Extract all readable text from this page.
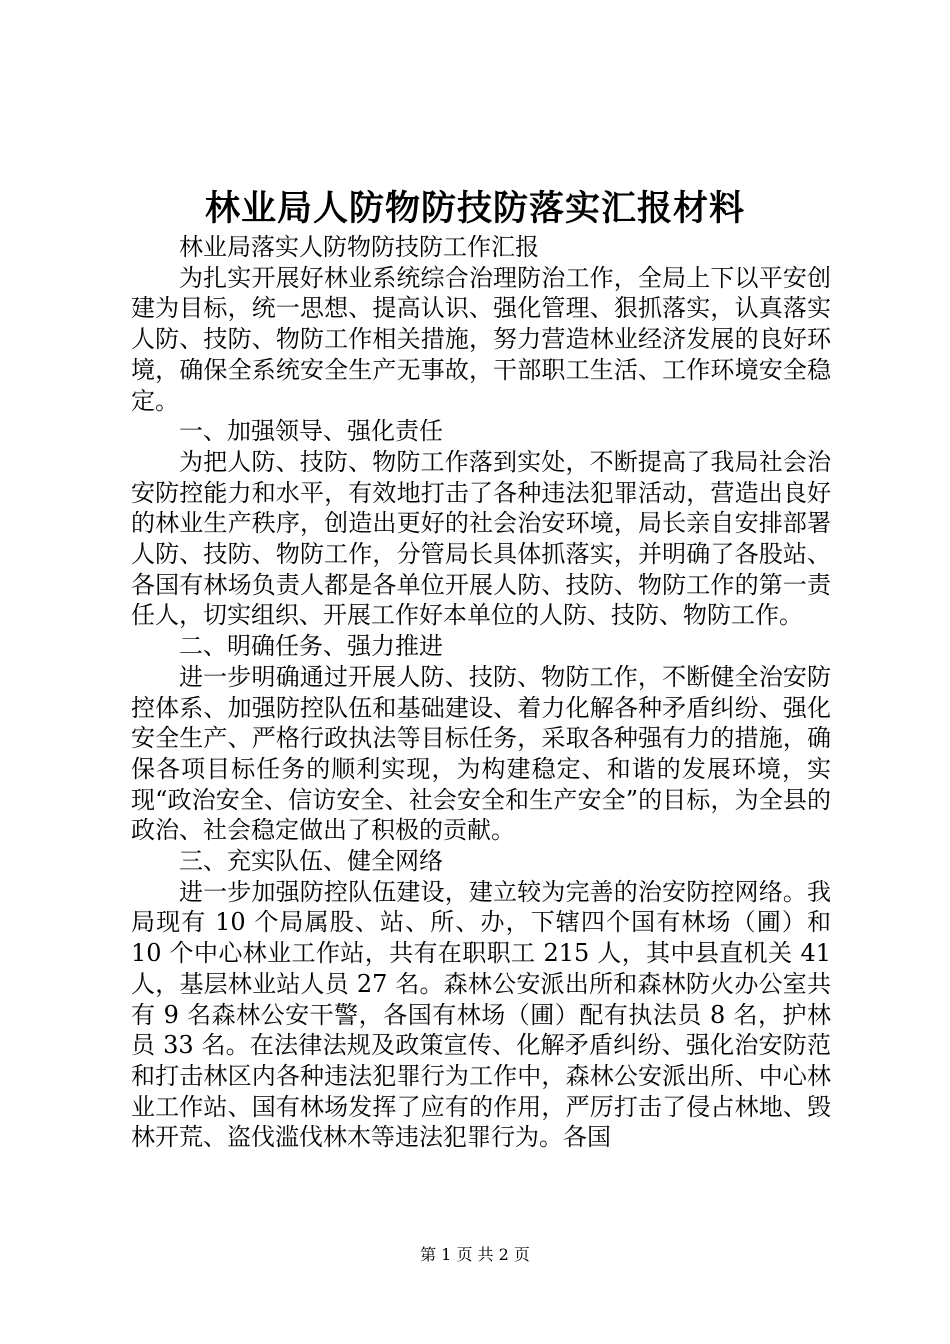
林业局人防物防技防落实汇报材料

林业局落实人防物防技防工作汇报

为扎实开展好林业系统综合治理防治工作，全局上下以平安创建为目标，统一思想、提高认识、强化管理、狠抓落实，认真落实人防、技防、物防工作相关措施，努力营造林业经济发展的良好环境，确保全系统安全生产无事故，干部职工生活、工作环境安全稳定。

一、加强领导、强化责任

为把人防、技防、物防工作落到实处，不断提高了我局社会治安防控能力和水平，有效地打击了各种违法犯罪活动，营造出良好的林业生产秩序，创造出更好的社会治安环境，局长亲自安排部署人防、技防、物防工作，分管局长具体抓落实，并明确了各股站、各国有林场负责人都是各单位开展人防、技防、物防工作的第一责任人，切实组织、开展工作好本单位的人防、技防、物防工作。

二、明确任务、强力推进

进一步明确通过开展人防、技防、物防工作，不断健全治安防控体系、加强防控队伍和基础建设、着力化解各种矛盾纠纷、强化安全生产、严格行政执法等目标任务，采取各种强有力的措施，确保各项目标任务的顺利实现，为构建稳定、和谐的发展环境，实现“政治安全、信访安全、社会安全和生产安全”的目标，为全县的政治、社会稳定做出了积极的贡献。

三、充实队伍、健全网络

进一步加强防控队伍建设，建立较为完善的治安防控网络。我局现有 10 个局属股、站、所、办，下辖四个国有林场（圃）和 10 个中心林业工作站，共有在职职工 215 人，其中县直机关 41 人，基层林业站人员 27 名。森林公安派出所和森林防火办公室共有 9 名森林公安干警，各国有林场（圃）配有执法员 8 名，护林员 33 名。在法律法规及政策宣传、化解矛盾纠纷、强化治安防范和打击林区内各种违法犯罪行为工作中，森林公安派出所、中心林业工作站、国有林场发挥了应有的作用，严厉打击了侵占林地、毁林开荒、盗伐滥伐林木等违法犯罪行为。各国

第 1 页 共 2 页
